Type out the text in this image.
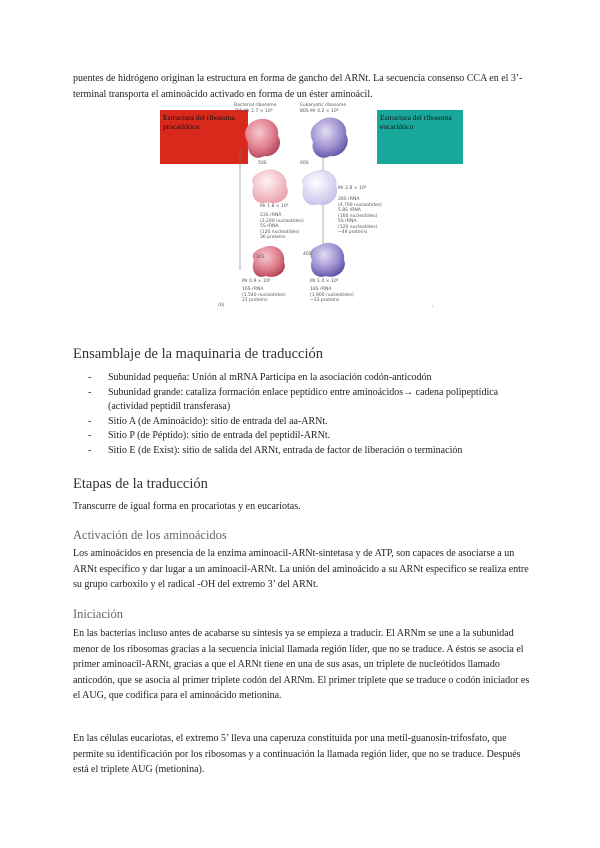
puentes de hidrógeno originan la estructura en forma de gancho del ARNt. La secuencia consenso CCA en el 3’-terminal transporta el aminoácido activado en forma de un éster aminoácil.

Estructura del ribosoma procariótico
Estructura del ribosoma eucariótico
Bacterial ribosome
70S Mr 2.7 × 10⁶
Eukaryotic ribosome
80S Mr 4.2 × 10⁶
50S	60S
30S
40S
Mr 1.8 × 10⁶
23S rRNA
(3,200 nucleotides)
5S rRNA
(120 nucleotides)
36 proteins
Mr 2.8 × 10⁶
28S rRNA
(4,700 nucleotides)
5.8S rRNA
(160 nucleotides)
5S rRNA
(120 nucleotides)
~49 proteins
Mr 0.9 × 10⁶
16S rRNA
(1,540 nucleotides)
21 proteins
Mr 1.4 × 10⁶
18S rRNA
(1,900 nucleotides)
~33 proteins
(b)	ᵢ
Ensamblaje de la maquinaria de traducción
- Subunidad pequeña: Unión al mRNA Participa en la asociación codón-anticodón
- Subunidad grande: cataliza formación enlace peptídico entre aminoácidos→ cadena polipeptídica (actividad peptidil transferasa)
- Sitio A (de Aminoácido): sitio de entrada del aa-ARNt.
- Sitio P (de Péptido): sitio de entrada del peptidil-ARNt.
- Sitio E (de Exist): sitio de salida del ARNt, entrada de factor de liberación o terminación
Etapas de la traducción

Transcurre de igual forma en procariotas y en eucariotas.

Activación de los aminoácidos

Los aminoácidos en presencia de la enzima aminoacil-ARNt-sintetasa y de ATP, son capaces de asociarse a un ARNt específico y dar lugar a un aminoacil-ARNt. La unión del aminoácido a su ARNt específico se realiza entre su grupo carboxilo y el radical -OH del extremo 3’ del ARNt.

Iniciación

En las bacterias incluso antes de acabarse su síntesis ya se empieza a traducir. El ARNm se une a la subunidad menor de los ribosomas gracias a la secuencia inicial llamada región líder, que no se traduce. A éstos se asocia el primer aminoacil-ARNt, gracias a que el ARNt tiene en una de sus asas, un triplete de nucleótidos llamado anticodón, que se asocia al primer triplete codón del ARNm. El primer triplete que se traduce o codón iniciador es el AUG, que codifica para el aminoácido metionina.

En las células eucariotas, el extremo 5’ lleva una caperuza constituida por una metil-guanosín-trifosfato, que permite su identificación por los ribosomas y a continuación la llamada región líder, que no se traduce. Después está el triplete AUG (metionina).
